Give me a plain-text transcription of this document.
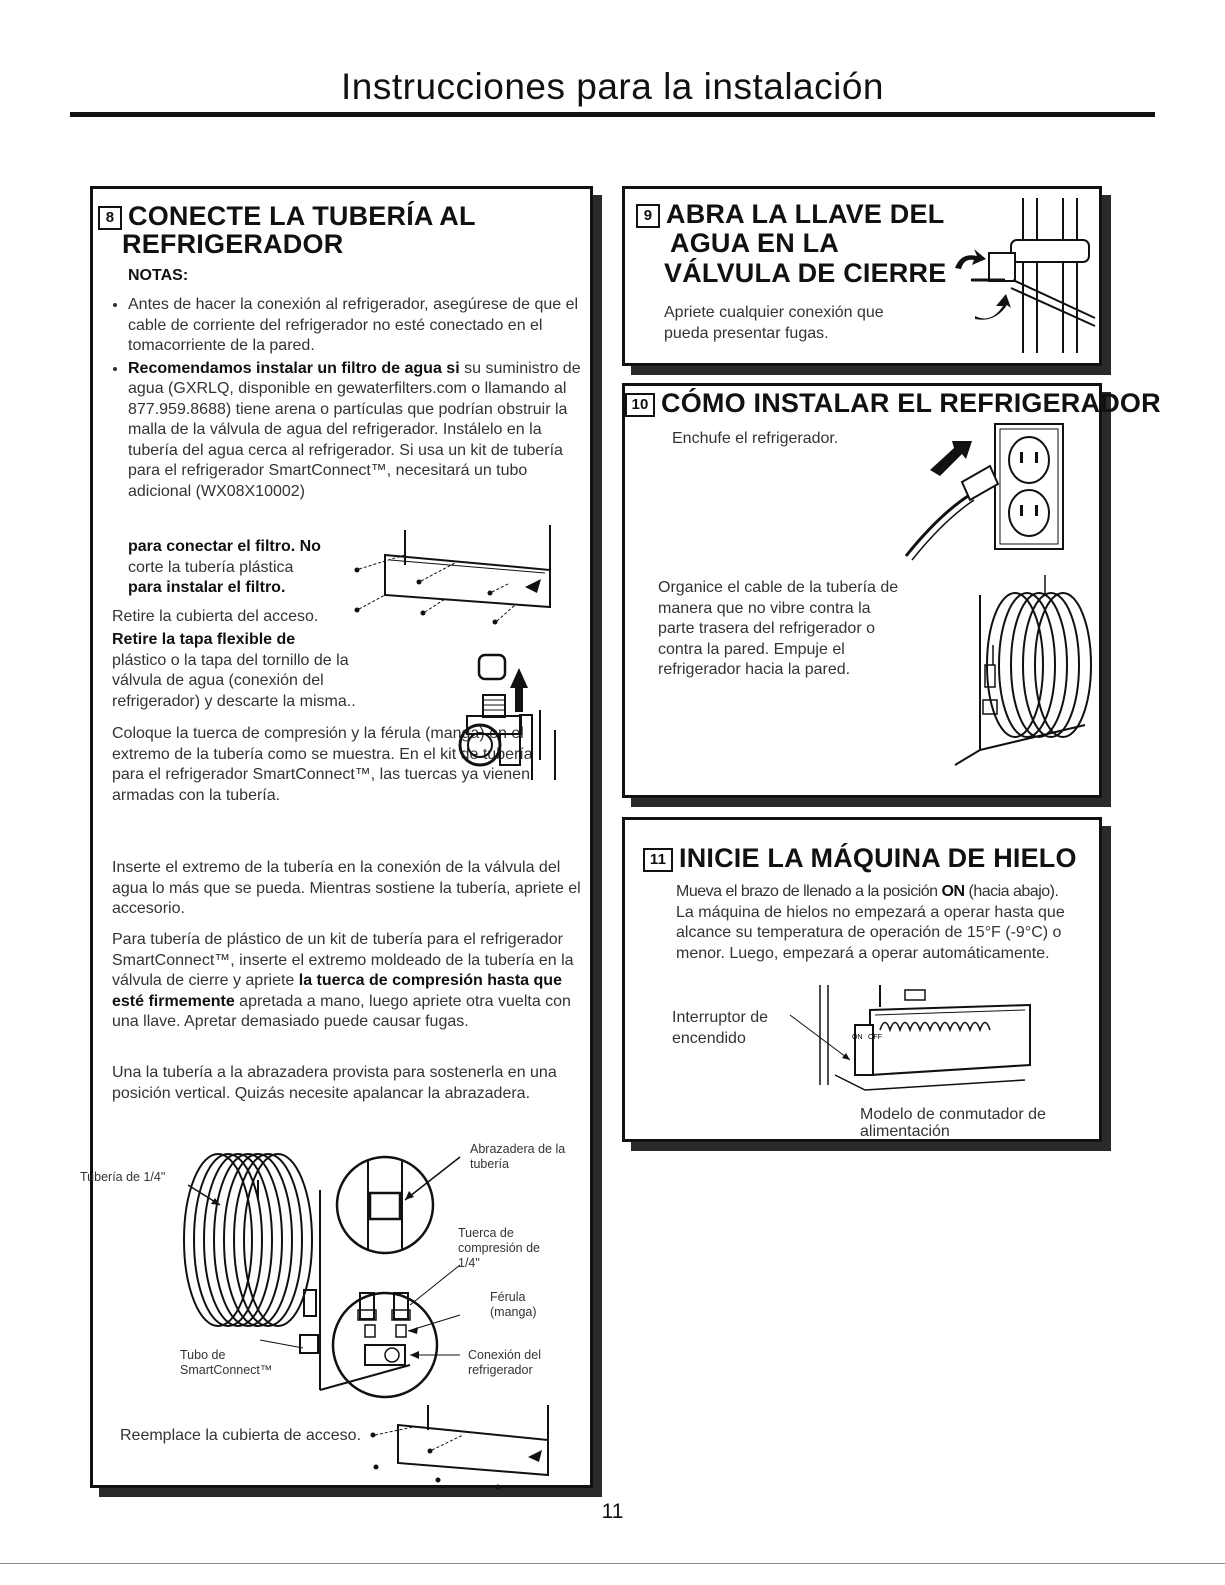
Instrucciones para la instalación
8 CONECTE LA TUBERÍA AL
REFRIGERADOR
NOTAS:
• Antes de hacer la conexión al refrigerador, asegúrese de que el cable de corriente del refrigerador no esté conectado en el tomacorriente de la pared.
• Recomendamos instalar un filtro de agua si su suministro de agua (GXRLQ, disponible en gewaterfilters.com o llamando al 877.959.8688) tiene arena o partículas que podrían obstruir la malla de la válvula de agua del refrigerador. Instálelo en la tubería del agua cerca al refrigerador. Si usa un kit de tubería para el refrigerador SmartConnect™, necesitará un tubo adicional (WX08X10002)
para conectar el filtro. No
corte la tubería plástica
para instalar el filtro.
Retire la cubierta del acceso.
Retire la tapa flexible de
plástico o la tapa del tornillo de la válvula de agua (conexión del refrigerador) y descarte la misma..
Coloque la tuerca de compresión y la férula (manga) en el extremo de la tubería como se muestra. En el kit de tubería para el refrigerador SmartConnect™, las tuercas ya vienen armadas con la tubería.
Inserte el extremo de la tubería en la conexión de la válvula del agua lo más que se pueda. Mientras sostiene la tubería, apriete el accesorio.
Para tubería de plástico de un kit de tubería para el refrigerador SmartConnect™, inserte el extremo moldeado de la tubería en la válvula de cierre y apriete la tuerca de compresión hasta que esté firmemente apretada a mano, luego apriete otra vuelta con una llave. Apretar demasiado puede causar fugas.
Una la tubería a la abrazadera provista para sostenerla en una posición vertical. Quizás necesite apalancar la abrazadera.
Abrazadera de la tubería
Tubería de 1/4"
Tuerca de compresión de 1/4"
Férula (manga)
Tubo de SmartConnect™
Conexión del refrigerador
Reemplace la cubierta de acceso.
9 ABRA LA LLAVE DEL
AGUA EN LA
VÁLVULA DE CIERRE
Apriete cualquier conexión que pueda presentar fugas.
10 CÓMO INSTALAR EL REFRIGERADOR
Enchufe el refrigerador.
Organice el cable de la tubería de manera que no vibre contra la parte trasera del refrigerador o contra la pared. Empuje el refrigerador hacia la pared.
11 INICIE LA MÁQUINA DE HIELO
Mueva el brazo de llenado a la posición ON (hacia abajo).
La máquina de hielos no empezará a operar hasta que alcance su temperatura de operación de 15°F (-9°C) o menor. Luego, empezará a operar automáticamente.
Interruptor de encendido
Modelo de conmutador de alimentación
ON OFF
11
